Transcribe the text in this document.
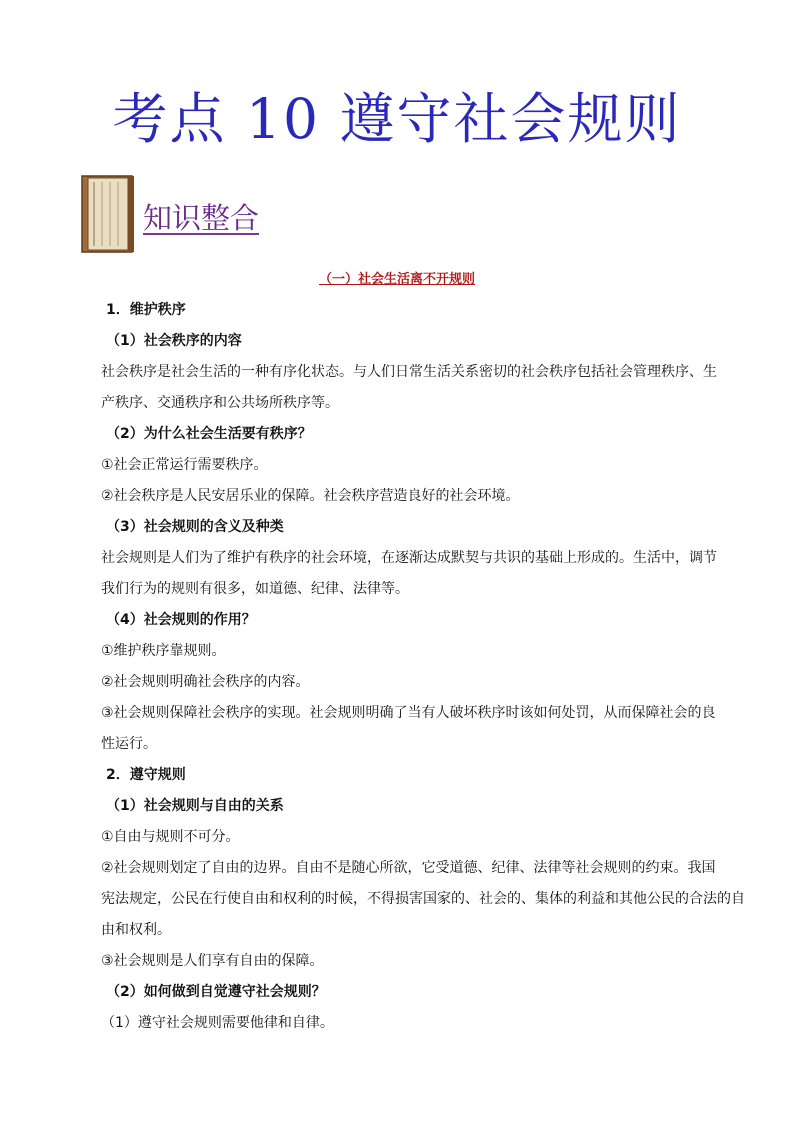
考点 10 遵守社会规则
知识整合
（一）社会生活离不开规则
1．维护秩序
（1）社会秩序的内容
社会秩序是社会生活的一种有序化状态。与人们日常生活关系密切的社会秩序包括社会管理秩序、生
产秩序、交通秩序和公共场所秩序等。
（2）为什么社会生活要有秩序？
①社会正常运行需要秩序。
②社会秩序是人民安居乐业的保障。社会秩序营造良好的社会环境。
（3）社会规则的含义及种类
社会规则是人们为了维护有秩序的社会环境，在逐渐达成默契与共识的基础上形成的。生活中，调节
我们行为的规则有很多，如道德、纪律、法律等。
（4）社会规则的作用？
①维护秩序靠规则。
②社会规则明确社会秩序的内容。
③社会规则保障社会秩序的实现。社会规则明确了当有人破坏秩序时该如何处罚，从而保障社会的良
性运行。
2．遵守规则
（1）社会规则与自由的关系
①自由与规则不可分。
②社会规则划定了自由的边界。自由不是随心所欲，它受道德、纪律、法律等社会规则的约束。我国
宪法规定，公民在行使自由和权利的时候，不得损害国家的、社会的、集体的利益和其他公民的合法的自
由和权利。
③社会规则是人们享有自由的保障。
（2）如何做到自觉遵守社会规则？
（1）遵守社会规则需要他律和自律。
